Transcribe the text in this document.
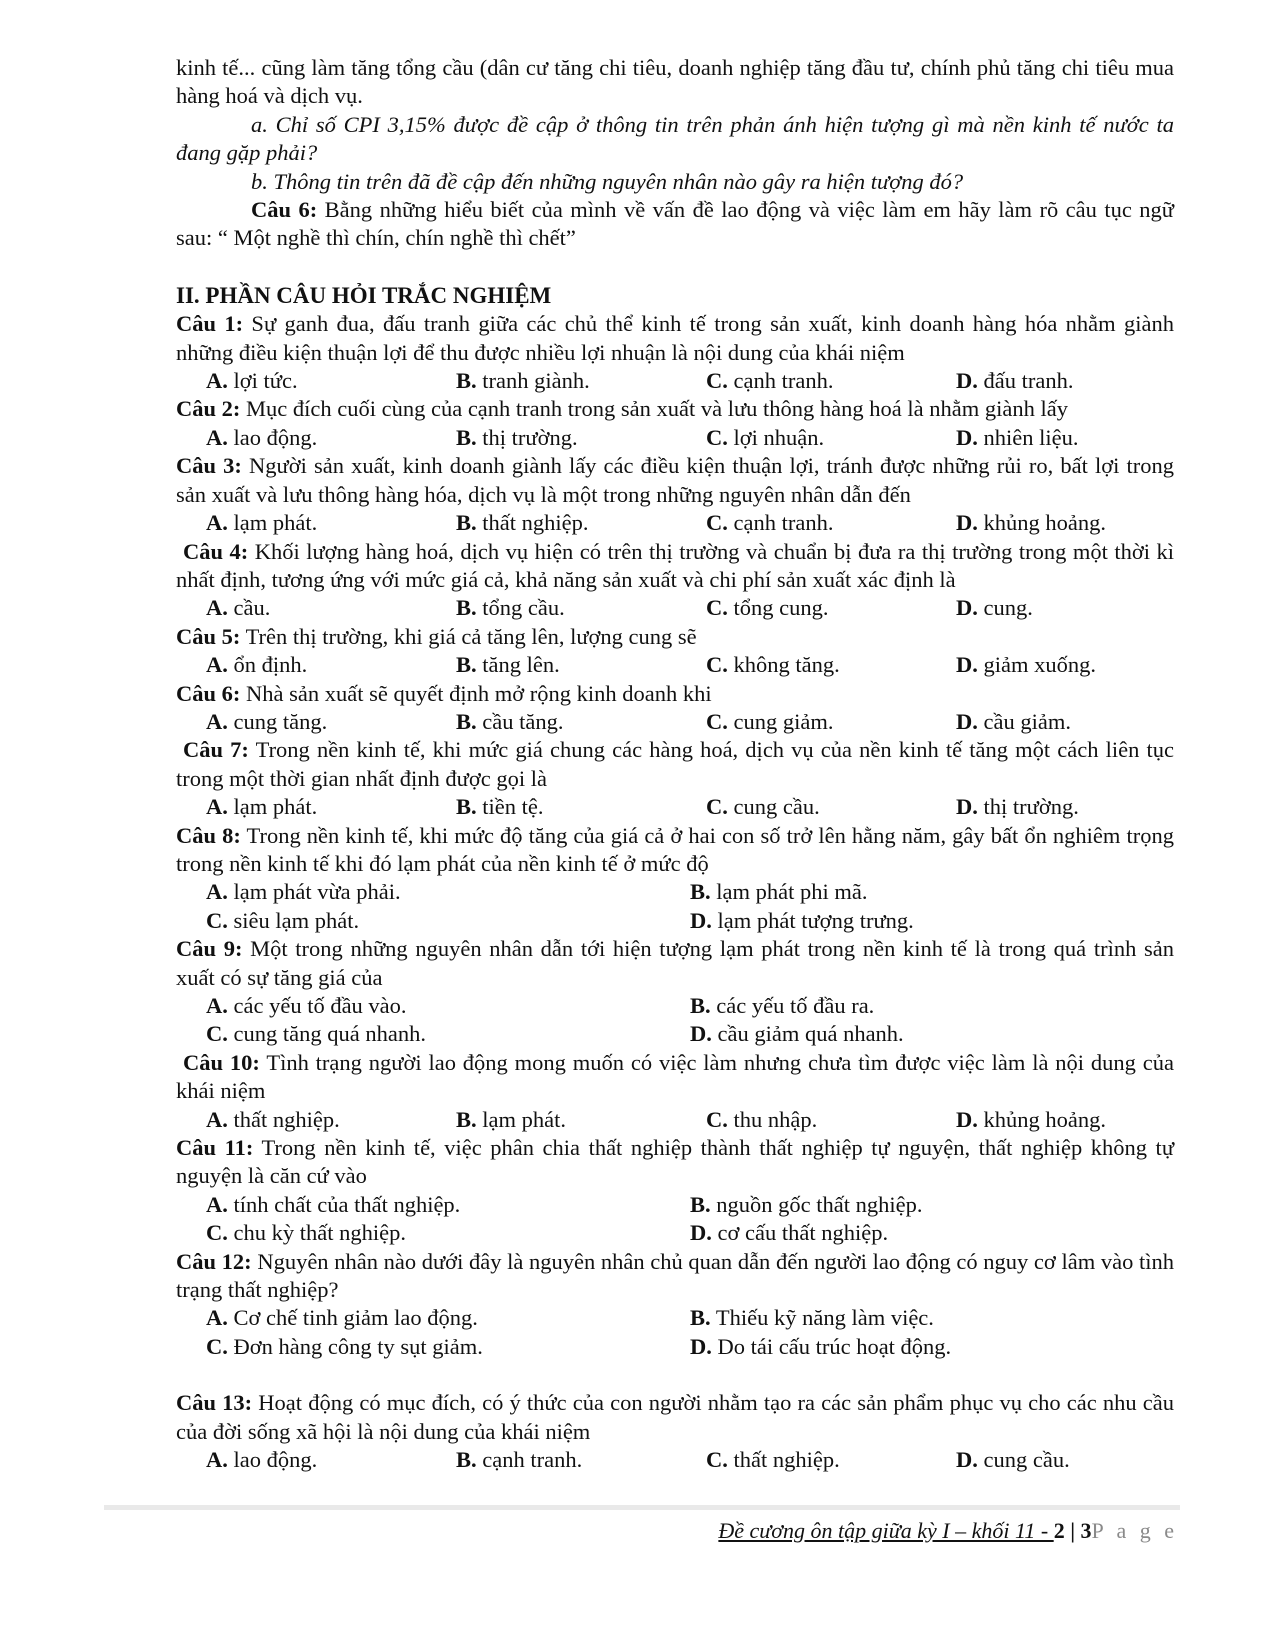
kinh tế... cũng làm tăng tổng cầu (dân cư tăng chi tiêu, doanh nghiệp tăng đầu tư, chính phủ tăng chi tiêu mua hàng hoá và dịch vụ.

a. Chỉ số CPI 3,15% được đề cập ở thông tin trên phản ánh hiện tượng gì mà nền kinh tế nước ta đang gặp phải?

b. Thông tin trên đã đề cập đến những nguyên nhân nào gây ra hiện tượng đó?

Câu 6: Bằng những hiểu biết của mình về vấn đề lao động và việc làm em hãy làm rõ câu tục ngữ sau: “ Một nghề thì chín, chín nghề thì chết”

II. PHẦN CÂU HỎI TRẮC NGHIỆM

Câu 1: Sự ganh đua, đấu tranh giữa các chủ thể kinh tế trong sản xuất, kinh doanh hàng hóa nhằm giành những điều kiện thuận lợi để thu được nhiều lợi nhuận là nội dung của khái niệm

A. lợi tức.	B. tranh giành.	C. cạnh tranh.	D. đấu tranh.

Câu 2: Mục đích cuối cùng của cạnh tranh trong sản xuất và lưu thông hàng hoá là nhằm giành lấy

A. lao động.	B. thị trường.	C. lợi nhuận.	D. nhiên liệu.

Câu 3: Người sản xuất, kinh doanh giành lấy các điều kiện thuận lợi, tránh được những rủi ro, bất lợi trong sản xuất và lưu thông hàng hóa, dịch vụ là một trong những nguyên nhân dẫn đến

A. lạm phát.	B. thất nghiệp.	C. cạnh tranh.	D. khủng hoảng.

Câu 4: Khối lượng hàng hoá, dịch vụ hiện có trên thị trường và chuẩn bị đưa ra thị trường trong một thời kì nhất định, tương ứng với mức giá cả, khả năng sản xuất và chi phí sản xuất xác định là

A. cầu.	B. tổng cầu.	C. tổng cung.	D. cung.

Câu 5: Trên thị trường, khi giá cả tăng lên, lượng cung sẽ

A. ổn định.	B. tăng lên.	C. không tăng.	D. giảm xuống.

Câu 6: Nhà sản xuất sẽ quyết định mở rộng kinh doanh khi

A. cung tăng.	B. cầu tăng.	C. cung giảm.	D. cầu giảm.

Câu 7: Trong nền kinh tế, khi mức giá chung các hàng hoá, dịch vụ của nền kinh tế tăng một cách liên tục trong một thời gian nhất định được gọi là

A. lạm phát.	B. tiền tệ.	C. cung cầu.	D. thị trường.

Câu 8: Trong nền kinh tế, khi mức độ tăng của giá cả ở hai con số trở lên hằng năm, gây bất ổn nghiêm trọng trong nền kinh tế khi đó lạm phát của nền kinh tế ở mức độ

A. lạm phát vừa phải.	B. lạm phát phi mã.
C. siêu lạm phát.	D. lạm phát tượng trưng.

Câu 9: Một trong những nguyên nhân dẫn tới hiện tượng lạm phát trong nền kinh tế là trong quá trình sản xuất có sự tăng giá của

A. các yếu tố đầu vào.	B. các yếu tố đầu ra.
C. cung tăng quá nhanh.	D. cầu giảm quá nhanh.

Câu 10: Tình trạng người lao động mong muốn có việc làm nhưng chưa tìm được việc làm là nội dung của khái niệm

A. thất nghiệp.	B. lạm phát.	C. thu nhập.	D. khủng hoảng.

Câu 11: Trong nền kinh tế, việc phân chia thất nghiệp thành thất nghiệp tự nguyện, thất nghiệp không tự nguyện là căn cứ vào

A. tính chất của thất nghiệp.	B. nguồn gốc thất nghiệp.
C. chu kỳ thất nghiệp.	D. cơ cấu thất nghiệp.

Câu 12: Nguyên nhân nào dưới đây là nguyên nhân chủ quan dẫn đến người lao động có nguy cơ lâm vào tình trạng thất nghiệp?

A. Cơ chế tinh giảm lao động.	B. Thiếu kỹ năng làm việc.
C. Đơn hàng công ty sụt giảm.	D. Do tái cấu trúc hoạt động.

Câu 13: Hoạt động có mục đích, có ý thức của con người nhằm tạo ra các sản phẩm phục vụ cho các nhu cầu của đời sống xã hội là nội dung của khái niệm

A. lao động.	B. cạnh tranh.	C. thất nghiệp.	D. cung cầu.
Đề cương ôn tập giữa kỳ I – khối 11 - 2 | 3P a g e
